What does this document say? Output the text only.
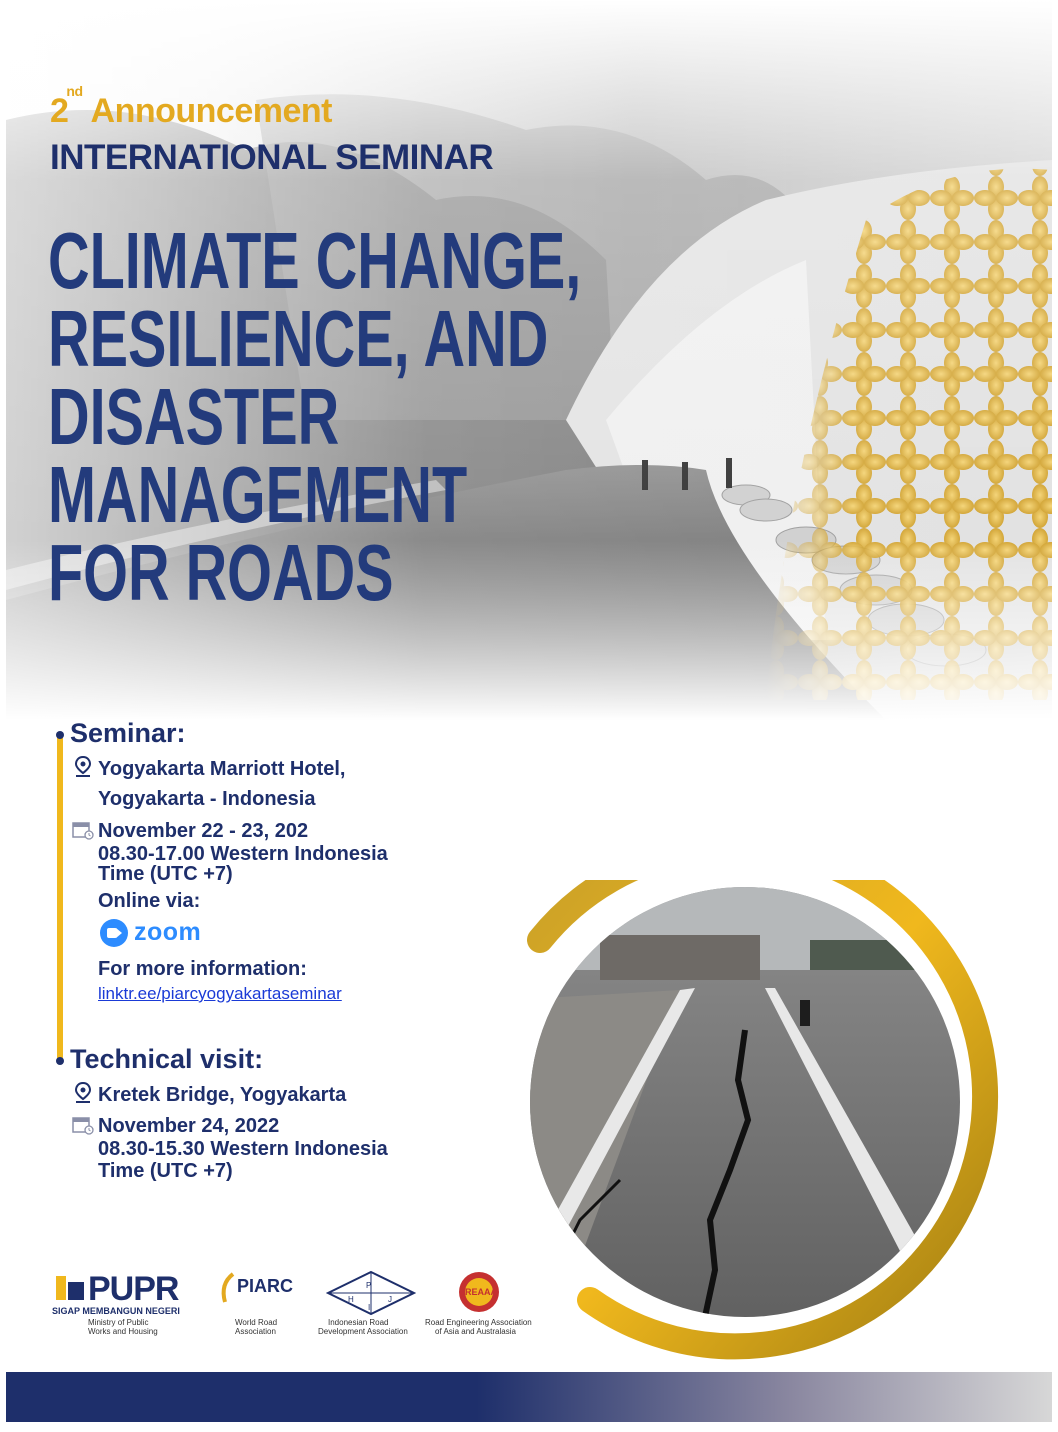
2ndAnnouncement
INTERNATIONAL SEMINAR
CLIMATE CHANGE,
RESILIENCE, AND
DISASTER
MANAGEMENT
FOR ROADS
Seminar:
Yogyakarta Marriott Hotel,
Yogyakarta - Indonesia
November 22 - 23, 202
08.30-17.00 Western Indonesia
Time (UTC +7)
Online via:
zoom
For more information:
linktr.ee/piarcyogyakartaseminar
Technical visit:
Kretek Bridge, Yogyakarta
November 24, 2022
08.30-15.30 Western Indonesia
Time (UTC +7)
PUPR
SIGAP MEMBANGUN NEGERI
Ministry of Public
Works and Housing
PIARC
World Road
Association
P
H	J
I
Indonesian Road
Development Association
REAAA
Road Engineering Association
of Asia and Australasia
